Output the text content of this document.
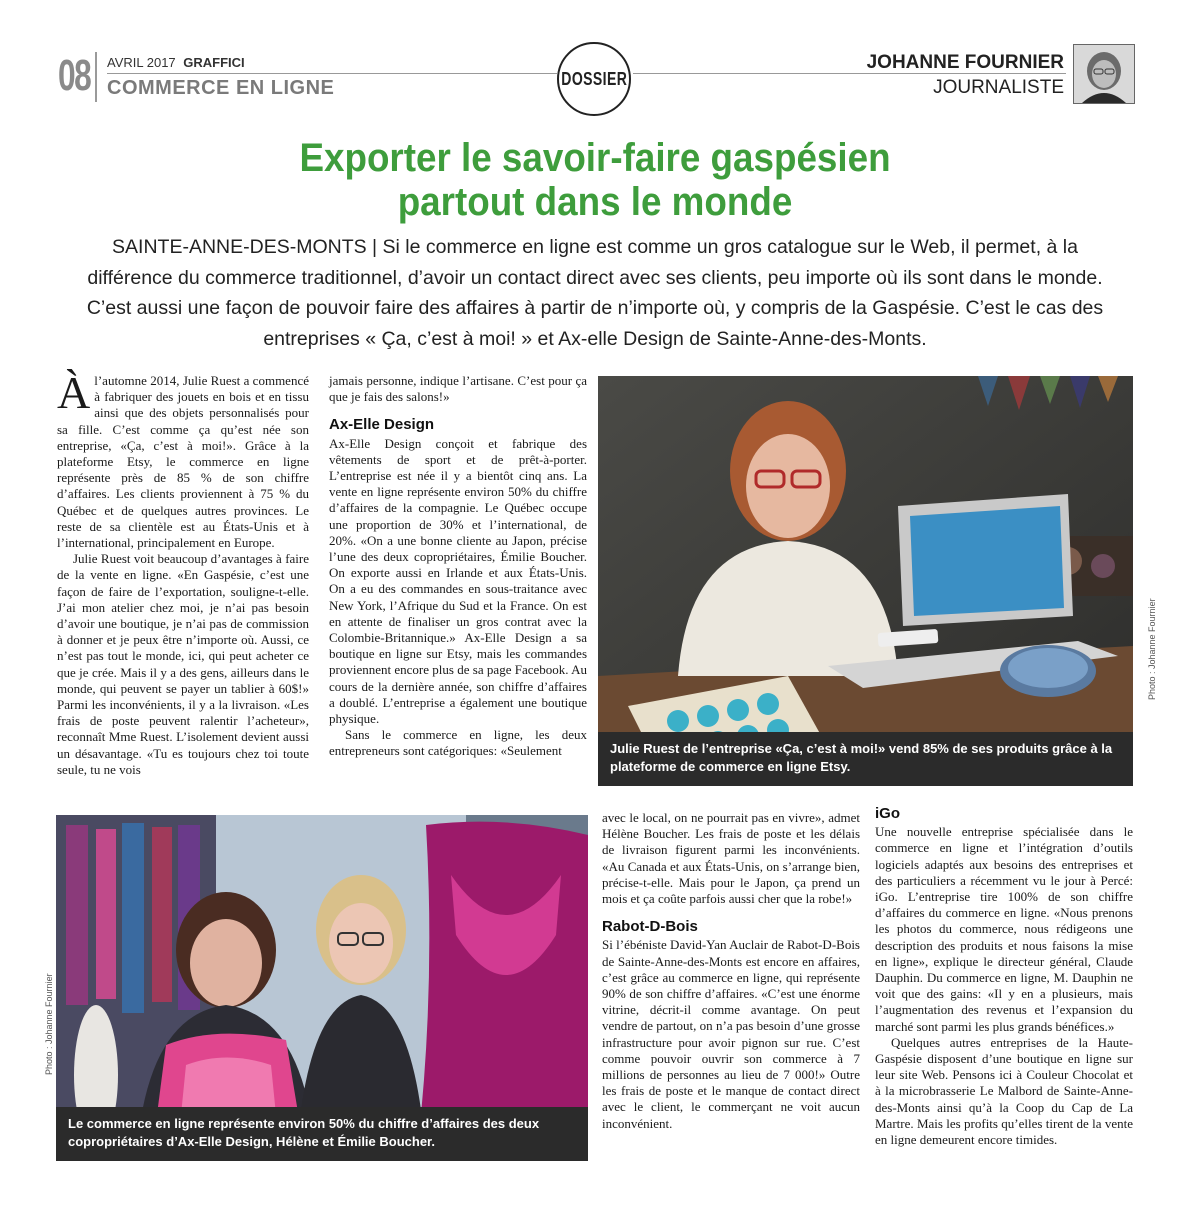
08 AVRIL 2017 GRAFFICI
COMMERCE EN LIGNE	DOSSIER
JOHANNE FOURNIER
JOURNALISTE
Exporter le savoir-faire gaspésien
partout dans le monde
SAINTE-ANNE-DES-MONTS | Si le commerce en ligne est comme un gros catalogue sur le Web, il permet, à la différence du commerce traditionnel, d’avoir un contact direct avec ses clients, peu importe où ils sont dans le monde. C’est aussi une façon de pouvoir faire des affaires à partir de n’importe où, y compris de la Gaspésie. C’est le cas des entreprises « Ça, c’est à moi! » et Ax-elle Design de Sainte-Anne-des-Monts.

Àl’automne 2014, Julie Ruest a commencé à fabriquer des jouets en bois et en tissu ainsi que des objets personnalisés pour sa fille. C’est comme ça qu’est née son entreprise, «Ça, c’est à moi!». Grâce à la plateforme Etsy, le commerce en ligne représente près de 85 % de son chiffre d’affaires. Les clients proviennent à 75 % du Québec et de quelques autres provinces. Le reste de sa clientèle est au États-Unis et à l’international, principalement en Europe.

Julie Ruest voit beaucoup d’avantages à faire de la vente en ligne. «En Gaspésie, c’est une façon de faire de l’exportation, souligne-t-elle. J’ai mon atelier chez moi, je n’ai pas besoin d’avoir une boutique, je n’ai pas de commission à donner et je peux être n’importe où. Aussi, ce n’est pas tout le monde, ici, qui peut acheter ce que je crée. Mais il y a des gens, ailleurs dans le monde, qui peuvent se payer un tablier à 60$!» Parmi les inconvénients, il y a la livraison. «Les frais de poste peuvent ralentir l’acheteur», reconnaît Mme Ruest. L’isolement devient aussi un désavantage. «Tu es toujours chez toi toute seule, tu ne vois

jamais personne, indique l’artisane. C’est pour ça que je fais des salons!»

Ax-Elle Design

Ax-Elle Design conçoit et fabrique des vêtements de sport et de prêt-à-porter. L’entreprise est née il y a bientôt cinq ans. La vente en ligne représente environ 50% du chiffre d’affaires de la compagnie. Le Québec occupe une proportion de 30% et l’international, de 20%. «On a une bonne cliente au Japon, précise l’une des deux copropriétaires, Émilie Boucher. On exporte aussi en Irlande et aux États-Unis. On a eu des commandes en sous-traitance avec New York, l’Afrique du Sud et la France. On est en attente de finaliser un gros contrat avec la Colombie-Britannique.» Ax-Elle Design a sa boutique en ligne sur Etsy, mais les commandes proviennent encore plus de sa page Facebook. Au cours de la dernière année, son chiffre d’affaires a doublé. L’entreprise a également une boutique physique.

Sans le commerce en ligne, les deux entrepreneurs sont catégoriques: «Seulement	Julie Ruest de l’entreprise «Ça, c’est à moi!» vend 85% de ses produits grâce à la plateforme de commerce en ligne Etsy.
Photo : Johanne Fournier
Le commerce en ligne représente environ 50% du chiffre d’affaires des deux copropriétaires d’Ax-Elle Design, Hélène et Émilie Boucher.
Photo : Johanne Fournier

avec le local, on ne pourrait pas en vivre», admet Hélène Boucher. Les frais de poste et les délais de livraison figurent parmi les inconvénients. «Au Canada et aux États-Unis, on s’arrange bien, précise-t-elle. Mais pour le Japon, ça prend un mois et ça coûte parfois aussi cher que la robe!»

Rabot-D-Bois

Si l’ébéniste David-Yan Auclair de Rabot-D-Bois de Sainte-Anne-des-Monts est encore en affaires, c’est grâce au commerce en ligne, qui représente 90% de son chiffre d’affaires. «C’est une énorme vitrine, décrit-il comme avantage. On peut vendre de partout, on n’a pas besoin d’une grosse infrastructure pour avoir pignon sur rue. C’est comme pouvoir ouvrir son commerce à 7 millions de personnes au lieu de 7 000!» Outre les frais de poste et le manque de contact direct avec le client, le commerçant ne voit aucun inconvénient.

iGo

Une nouvelle entreprise spécialisée dans le commerce en ligne et l’intégration d’outils logiciels adaptés aux besoins des entreprises et des particuliers a récemment vu le jour à Percé: iGo. L’entreprise tire 100% de son chiffre d’affaires du commerce en ligne. «Nous prenons les photos du commerce, nous rédigeons une description des produits et nous faisons la mise en ligne», explique le directeur général, Claude Dauphin. Du commerce en ligne, M. Dauphin ne voit que des gains: «Il y en a plusieurs, mais l’augmentation des revenus et l’expansion du marché sont parmi les plus grands bénéfices.»

Quelques autres entreprises de la Haute-Gaspésie disposent d’une boutique en ligne sur leur site Web. Pensons ici à Couleur Chocolat et à la microbrasserie Le Malbord de Sainte-Anne-des-Monts ainsi qu’à la Coop du Cap de La Martre. Mais les profits qu’elles tirent de la vente en ligne demeurent encore timides.
